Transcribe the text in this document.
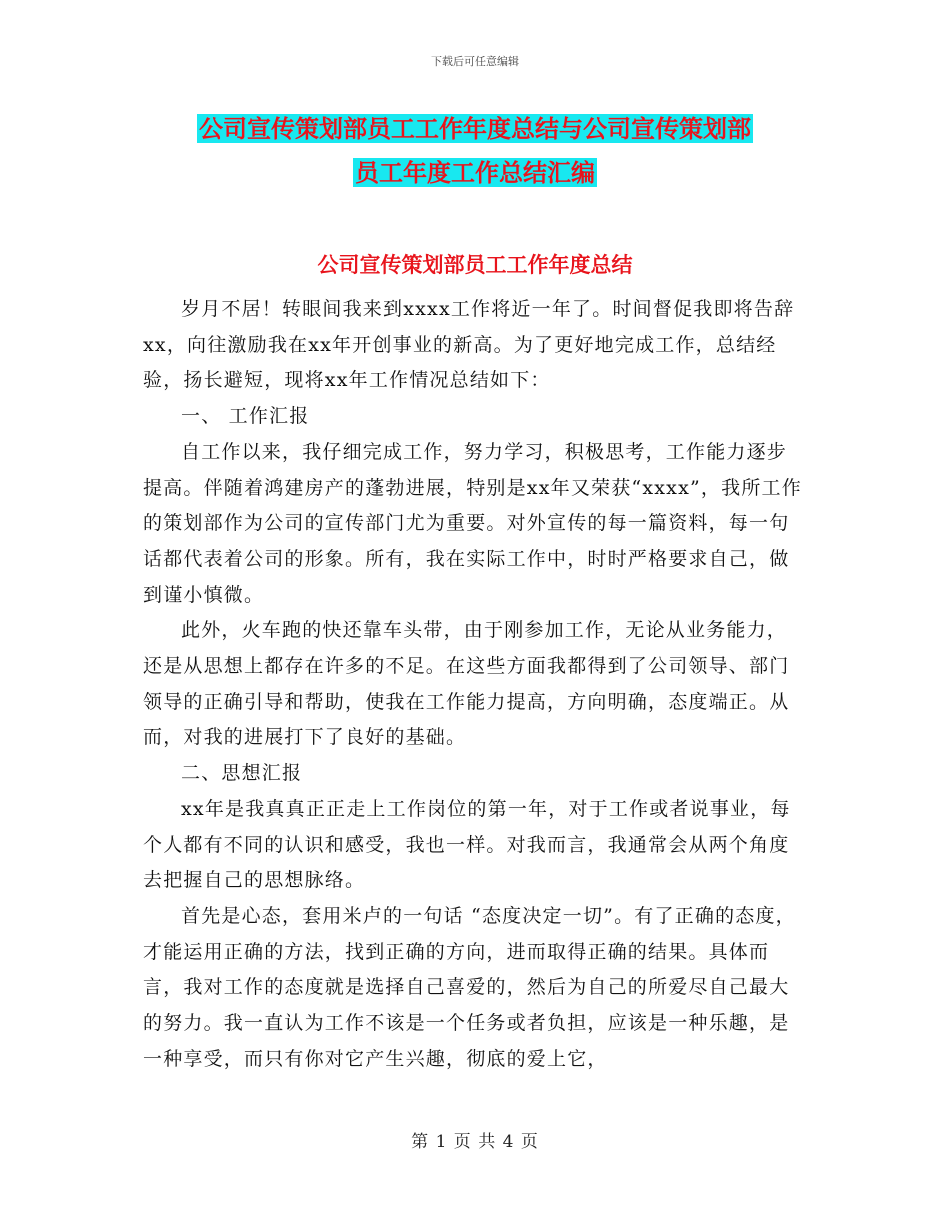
下载后可任意编辑
公司宣传策划部员工工作年度总结与公司宣传策划部
员工年度工作总结汇编
公司宣传策划部员工工作年度总结

岁月不居！转眼间我来到xxxx工作将近一年了。时间督促我即将告辞xx，向往激励我在xx年开创事业的新高。为了更好地完成工作，总结经验，扬长避短，现将xx年工作情况总结如下：

一、 工作汇报

自工作以来，我仔细完成工作，努力学习，积极思考，工作能力逐步提高。伴随着鸿建房产的蓬勃进展，特别是xx年又荣获“xxxx”，我所工作的策划部作为公司的宣传部门尤为重要。对外宣传的每一篇资料，每一句话都代表着公司的形象。所有，我在实际工作中，时时严格要求自己，做到谨小慎微。

此外，火车跑的快还靠车头带，由于刚参加工作，无论从业务能力，还是从思想上都存在许多的不足。在这些方面我都得到了公司领导、部门领导的正确引导和帮助，使我在工作能力提高，方向明确，态度端正。从而，对我的进展打下了良好的基础。

二、思想汇报

xx年是我真真正正走上工作岗位的第一年，对于工作或者说事业，每个人都有不同的认识和感受，我也一样。对我而言，我通常会从两个角度去把握自己的思想脉络。

首先是心态，套用米卢的一句话 “态度决定一切”。有了正确的态度，才能运用正确的方法，找到正确的方向，进而取得正确的结果。具体而言，我对工作的态度就是选择自己喜爱的，然后为自己的所爱尽自己最大的努力。我一直认为工作不该是一个任务或者负担，应该是一种乐趣，是一种享受，而只有你对它产生兴趣，彻底的爱上它，

第 1 页 共 4 页
